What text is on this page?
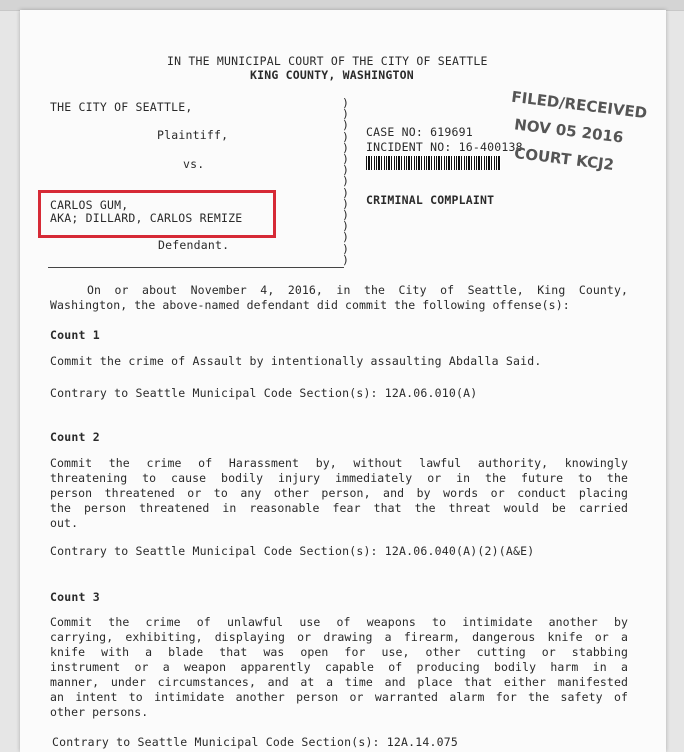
IN THE MUNICIPAL COURT OF THE CITY OF SEATTLE
KING COUNTY, WASHINGTON
THE CITY OF SEATTLE,
Plaintiff,
vs.
CARLOS GUM,
AKA; DILLARD, CARLOS REMIZE
Defendant.
)
)
)
)
)
)
)
)
)
)
)
)
)
)
)
CASE NO: 619691
INCIDENT NO: 16-400138
CRIMINAL COMPLAINT
FILED/RECEIVED
NOV 05 2016
COURT KCJ2
On or about November 4, 2016, in the City of Seattle, King County,
Washington, the above-named defendant did commit the following offense(s):
Count 1
Commit the crime of Assault by intentionally assaulting Abdalla Said.
Contrary to Seattle Municipal Code Section(s): 12A.06.010(A)
Count 2
Commit the crime of Harassment by, without lawful authority, knowingly
threatening to cause bodily injury immediately or in the future to the
person threatened or to any other person, and by words or conduct placing
the person threatened in reasonable fear that the threat would be carried
out.
Contrary to Seattle Municipal Code Section(s): 12A.06.040(A)(2)(A&E)
Count 3
Commit the crime of unlawful use of weapons to intimidate another by
carrying, exhibiting, displaying or drawing a firearm, dangerous knife or a
knife with a blade that was open for use, other cutting or stabbing
instrument or a weapon apparently capable of producing bodily harm in a
manner, under circumstances, and at a time and place that either manifested
an intent to intimidate another person or warranted alarm for the safety of
other persons.
Contrary to Seattle Municipal Code Section(s): 12A.14.075
